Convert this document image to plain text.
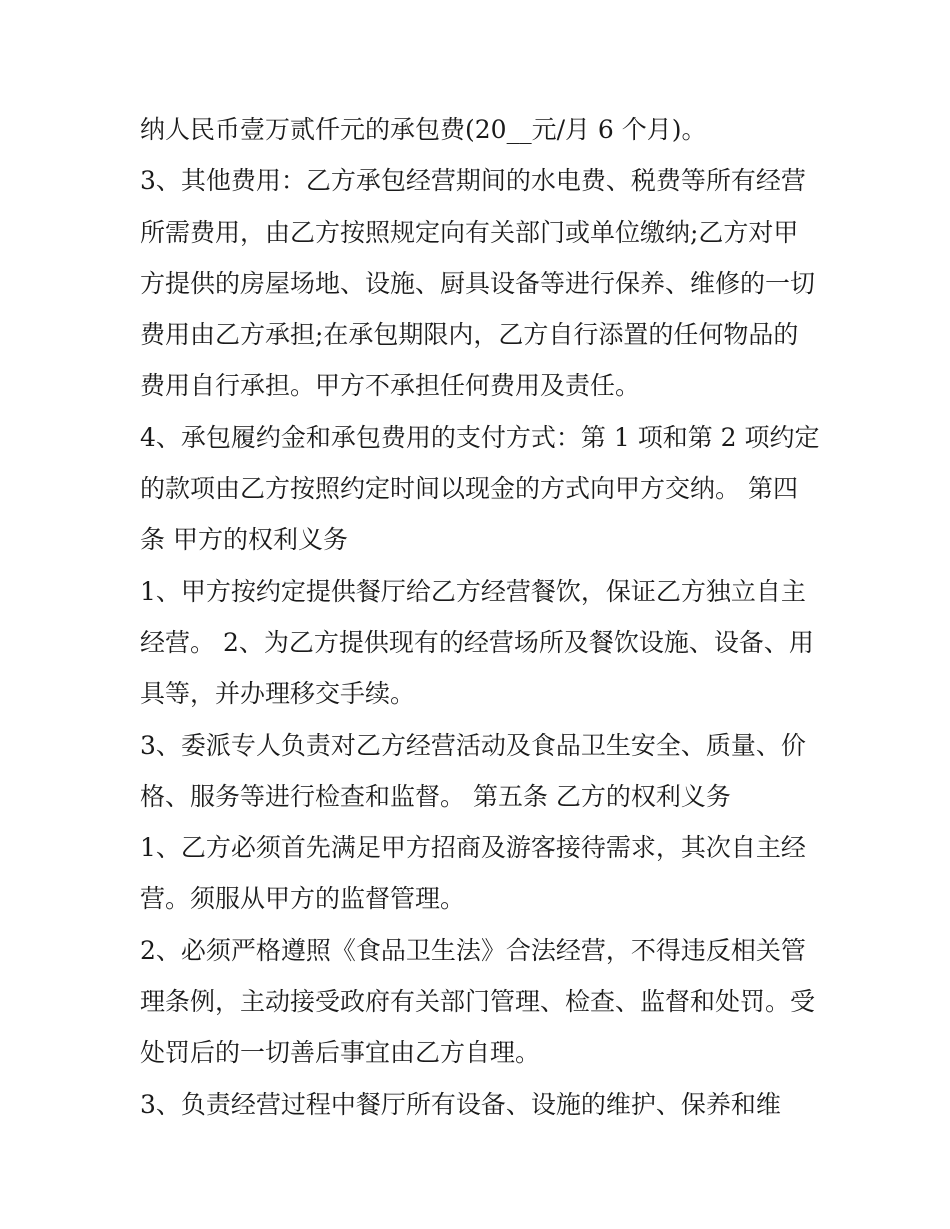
纳人民币壹万贰仟元的承包费(20__元/月 6 个月)。
3、其他费用：乙方承包经营期间的水电费、税费等所有经营
所需费用，由乙方按照规定向有关部门或单位缴纳;乙方对甲
方提供的房屋场地、设施、厨具设备等进行保养、维修的一切
费用由乙方承担;在承包期限内，乙方自行添置的任何物品的
费用自行承担。甲方不承担任何费用及责任。
4、承包履约金和承包费用的支付方式：第 1 项和第 2 项约定
的款项由乙方按照约定时间以现金的方式向甲方交纳。 第四
条 甲方的权利义务
1、甲方按约定提供餐厅给乙方经营餐饮，保证乙方独立自主
经营。 2、为乙方提供现有的经营场所及餐饮设施、设备、用
具等，并办理移交手续。
3、委派专人负责对乙方经营活动及食品卫生安全、质量、价
格、服务等进行检查和监督。 第五条 乙方的权利义务
1、乙方必须首先满足甲方招商及游客接待需求，其次自主经
营。须服从甲方的监督管理。
2、必须严格遵照《食品卫生法》合法经营，不得违反相关管
理条例，主动接受政府有关部门管理、检查、监督和处罚。受
处罚后的一切善后事宜由乙方自理。
3、负责经营过程中餐厅所有设备、设施的维护、保养和维
